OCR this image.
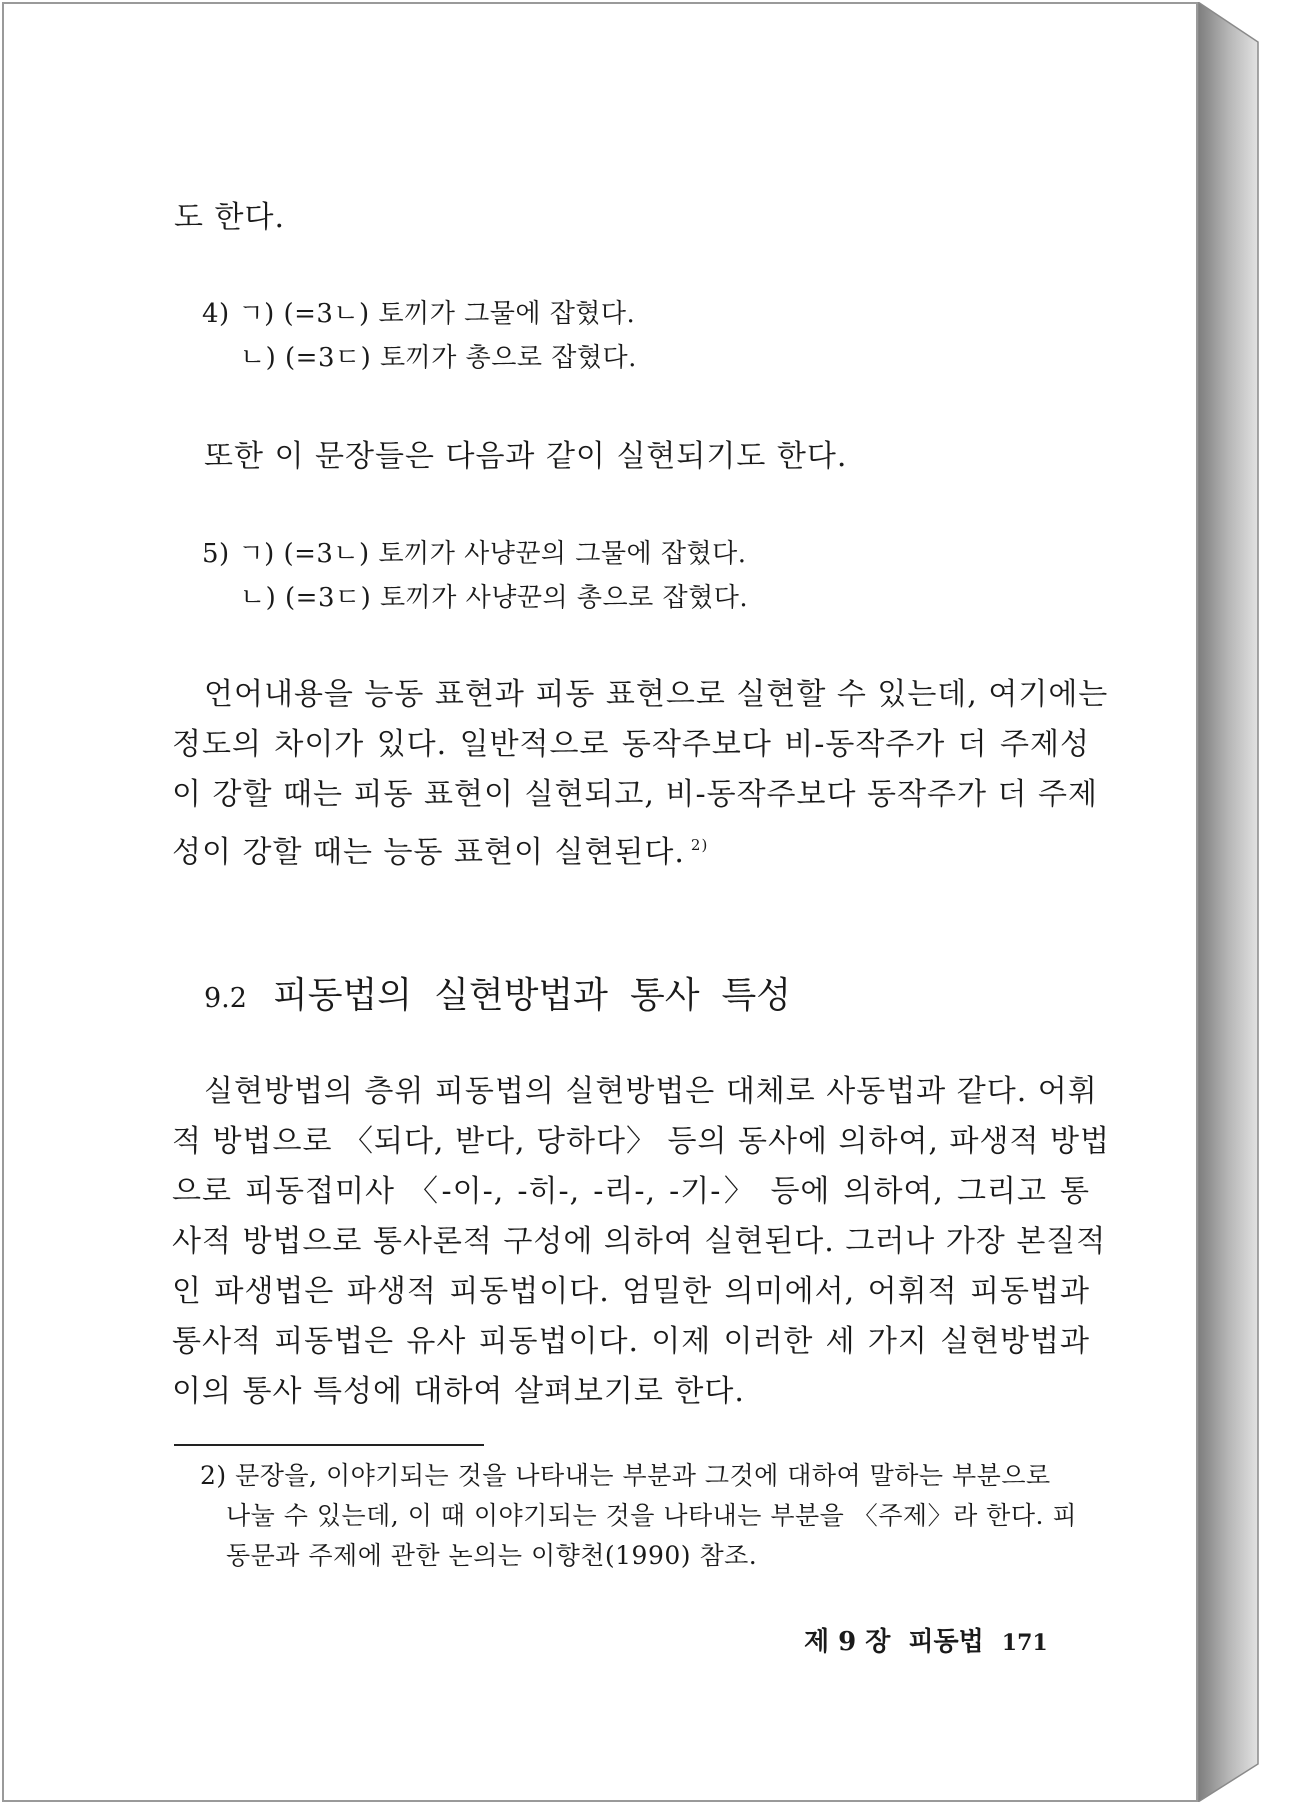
도 한다.
4) ㄱ) (=3ㄴ) 토끼가 그물에 잡혔다.
ㄴ) (=3ㄷ) 토끼가 총으로 잡혔다.
또한 이 문장들은 다음과 같이 실현되기도 한다.
5) ㄱ) (=3ㄴ) 토끼가 사냥꾼의 그물에 잡혔다.
ㄴ) (=3ㄷ) 토끼가 사냥꾼의 총으로 잡혔다.
언어내용을 능동 표현과 피동 표현으로 실현할 수 있는데, 여기에는
정도의 차이가 있다. 일반적으로 동작주보다 비-동작주가 더 주제성
이 강할 때는 피동 표현이 실현되고, 비-동작주보다 동작주가 더 주제
성이 강할 때는 능동 표현이 실현된다. $^{2)}$
9.2 피동법의 실현방법과 통사 특성
실현방법의 층위 피동법의 실현방법은 대체로 사동법과 같다. 어휘
적 방법으로 〈되다, 받다, 당하다〉 등의 동사에 의하여, 파생적 방법
으로 피동접미사 〈-이-, -히-, -리-, -기-〉 등에 의하여, 그리고 통
사적 방법으로 통사론적 구성에 의하여 실현된다. 그러나 가장 본질적
인 파생법은 파생적 피동법이다. 엄밀한 의미에서, 어휘적 피동법과
통사적 피동법은 유사 피동법이다. 이제 이러한 세 가지 실현방법과
이의 통사 특성에 대하여 살펴보기로 한다.
2) 문장을, 이야기되는 것을 나타내는 부분과 그것에 대하여 말하는 부분으로
나눌 수 있는데, 이 때 이야기되는 것을 나타내는 부분을 〈주제〉라 한다. 피
동문과 주제에 관한 논의는 이향천(1990) 참조.
제 9 장 피동법 171
